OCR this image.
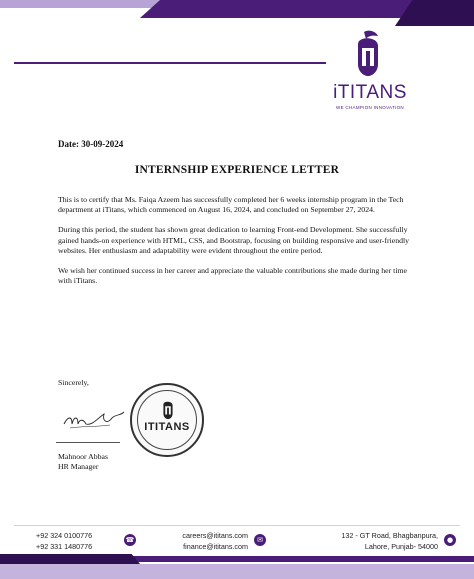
iTITANS
WE CHAMPION INNOVATION
Date: 30-09-2024
INTERNSHIP EXPERIENCE LETTER

This is to certify that Ms. Faiqa Azeem has successfully completed her 6 weeks internship program in the Tech department at iTitans, which commenced on August 16, 2024, and concluded on September 27, 2024.

During this period, the student has shown great dedication to learning Front-end Development. She successfully gained hands-on experience with HTML, CSS, and Bootstrap, focusing on building responsive and user-friendly websites. Her enthusiasm and adaptability were evident throughout the entire period.

We wish her continued success in her career and appreciate the valuable contributions she made during her time with iTitans.

Sincerely,
Mahnoor Abbas
HR Manager
ITITANS
+92 324 0100776
+92 331 1480776
☎	careers@ititans.com
finance@ititans.com
✉	132 - GT Road, Bhagbanpura,
Lahore, Punjab- 54000
●
